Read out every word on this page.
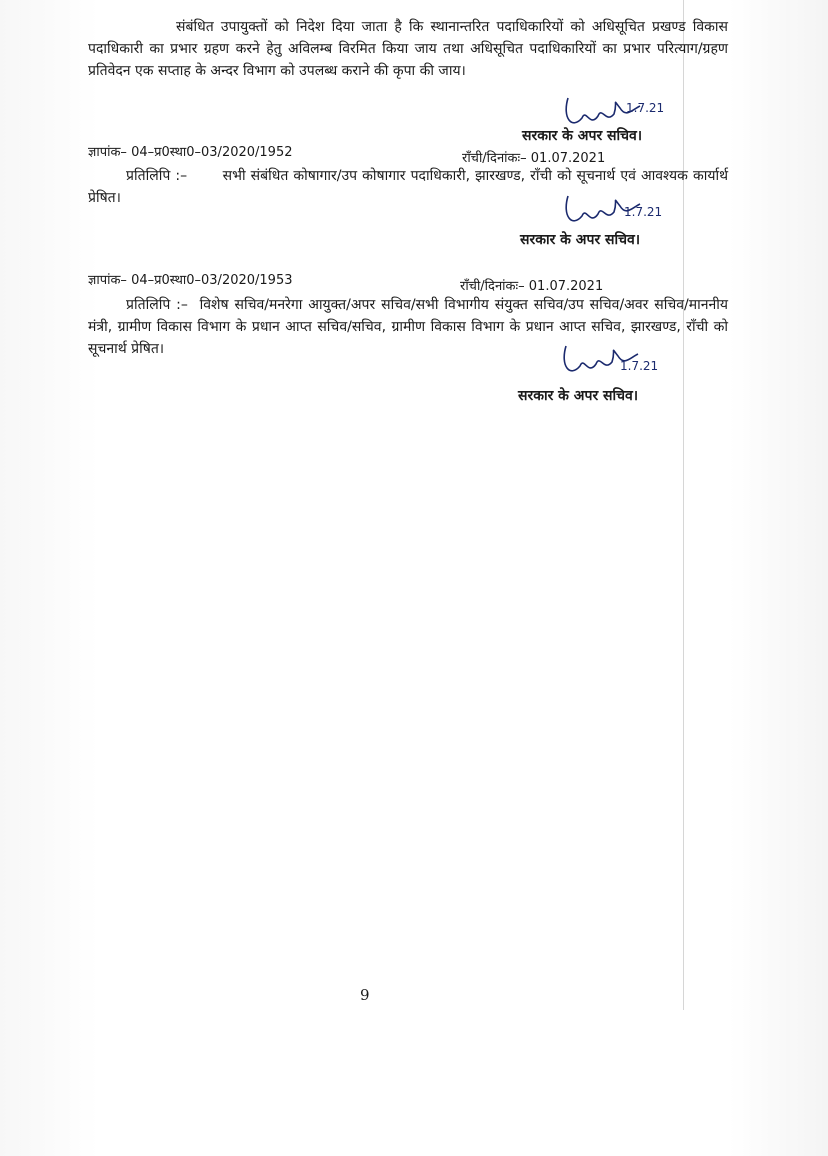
संबंधित उपायुक्तों को निदेश दिया जाता है कि स्थानान्तरित पदाधिकारियों को अधिसूचित प्रखण्ड विकास पदाधिकारी का प्रभार ग्रहण करने हेतु अविलम्ब विरमित किया जाय तथा अधिसूचित पदाधिकारियों का प्रभार परित्याग/ग्रहण प्रतिवेदन एक सप्ताह के अन्दर विभाग को उपलब्ध कराने की कृपा की जाय।

1.7.21
सरकार के अपर सचिव।
ज्ञापांक– 04–प्र0स्था0–03/2020/1952	राँची/दिनांकः– 01.07.2021

प्रतिलिपि :–	सभी संबंधित कोषागार/उप कोषागार पदाधिकारी, झारखण्ड, राँची को सूचनार्थ एवं आवश्यक कार्यार्थ प्रेषित।

1.7.21
सरकार के अपर सचिव।
ज्ञापांक– 04–प्र0स्था0–03/2020/1953	राँची/दिनांकः– 01.07.2021

प्रतिलिपि :– विशेष सचिव/मनरेगा आयुक्त/अपर सचिव/सभी विभागीय संयुक्त सचिव/उप सचिव/अवर सचिव/माननीय मंत्री, ग्रामीण विकास विभाग के प्रधान आप्त सचिव/सचिव, ग्रामीण विकास विभाग के प्रधान आप्त सचिव, झारखण्ड, राँची को सूचनार्थ प्रेषित।

1.7.21
सरकार के अपर सचिव।
9
